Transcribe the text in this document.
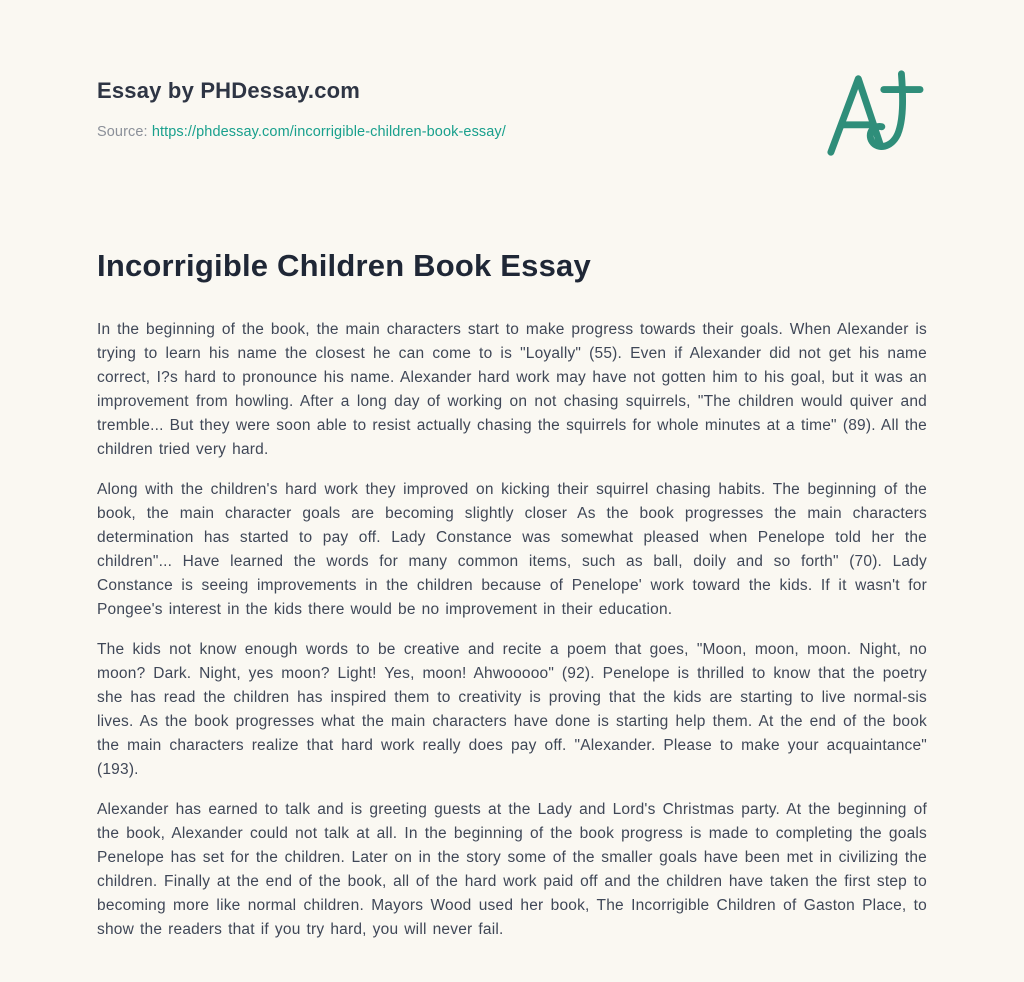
Essay by PHDessay.com
Source: https://phdessay.com/incorrigible-children-book-essay/
Incorrigible Children Book Essay

In the beginning of the book, the main characters start to make progress towards their goals. When Alexander is trying to learn his name the closest he can come to is "Loyally" (55). Even if Alexander did not get his name correct, I?s hard to pronounce his name. Alexander hard work may have not gotten him to his goal, but it was an improvement from howling. After a long day of working on not chasing squirrels, "The children would quiver and tremble... But they were soon able to resist actually chasing the squirrels for whole minutes at a time" (89). All the children tried very hard.

Along with the children's hard work they improved on kicking their squirrel chasing habits. The beginning of the book, the main character goals are becoming slightly closer As the book progresses the main characters determination has started to pay off. Lady Constance was somewhat pleased when Penelope told her the children"... Have learned the words for many common items, such as ball, doily and so forth" (70). Lady Constance is seeing improvements in the children because of Penelope' work toward the kids. If it wasn't for Pongee's interest in the kids there would be no improvement in their education.

The kids not know enough words to be creative and recite a poem that goes, "Moon, moon, moon. Night, no moon? Dark. Night, yes moon? Light! Yes, moon! Ahwooooo" (92). Penelope is thrilled to know that the poetry she has read the children has inspired them to creativity is proving that the kids are starting to live normal-sis lives. As the book progresses what the main characters have done is starting help them. At the end of the book the main characters realize that hard work really does pay off. "Alexander. Please to make your acquaintance" (193).

Alexander has earned to talk and is greeting guests at the Lady and Lord's Christmas party. At the beginning of the book, Alexander could not talk at all. In the beginning of the book progress is made to completing the goals Penelope has set for the children. Later on in the story some of the smaller goals have been met in civilizing the children. Finally at the end of the book, all of the hard work paid off and the children have taken the first step to becoming more like normal children. Mayors Wood used her book, The Incorrigible Children of Gaston Place, to show the readers that if you try hard, you will never fail.
